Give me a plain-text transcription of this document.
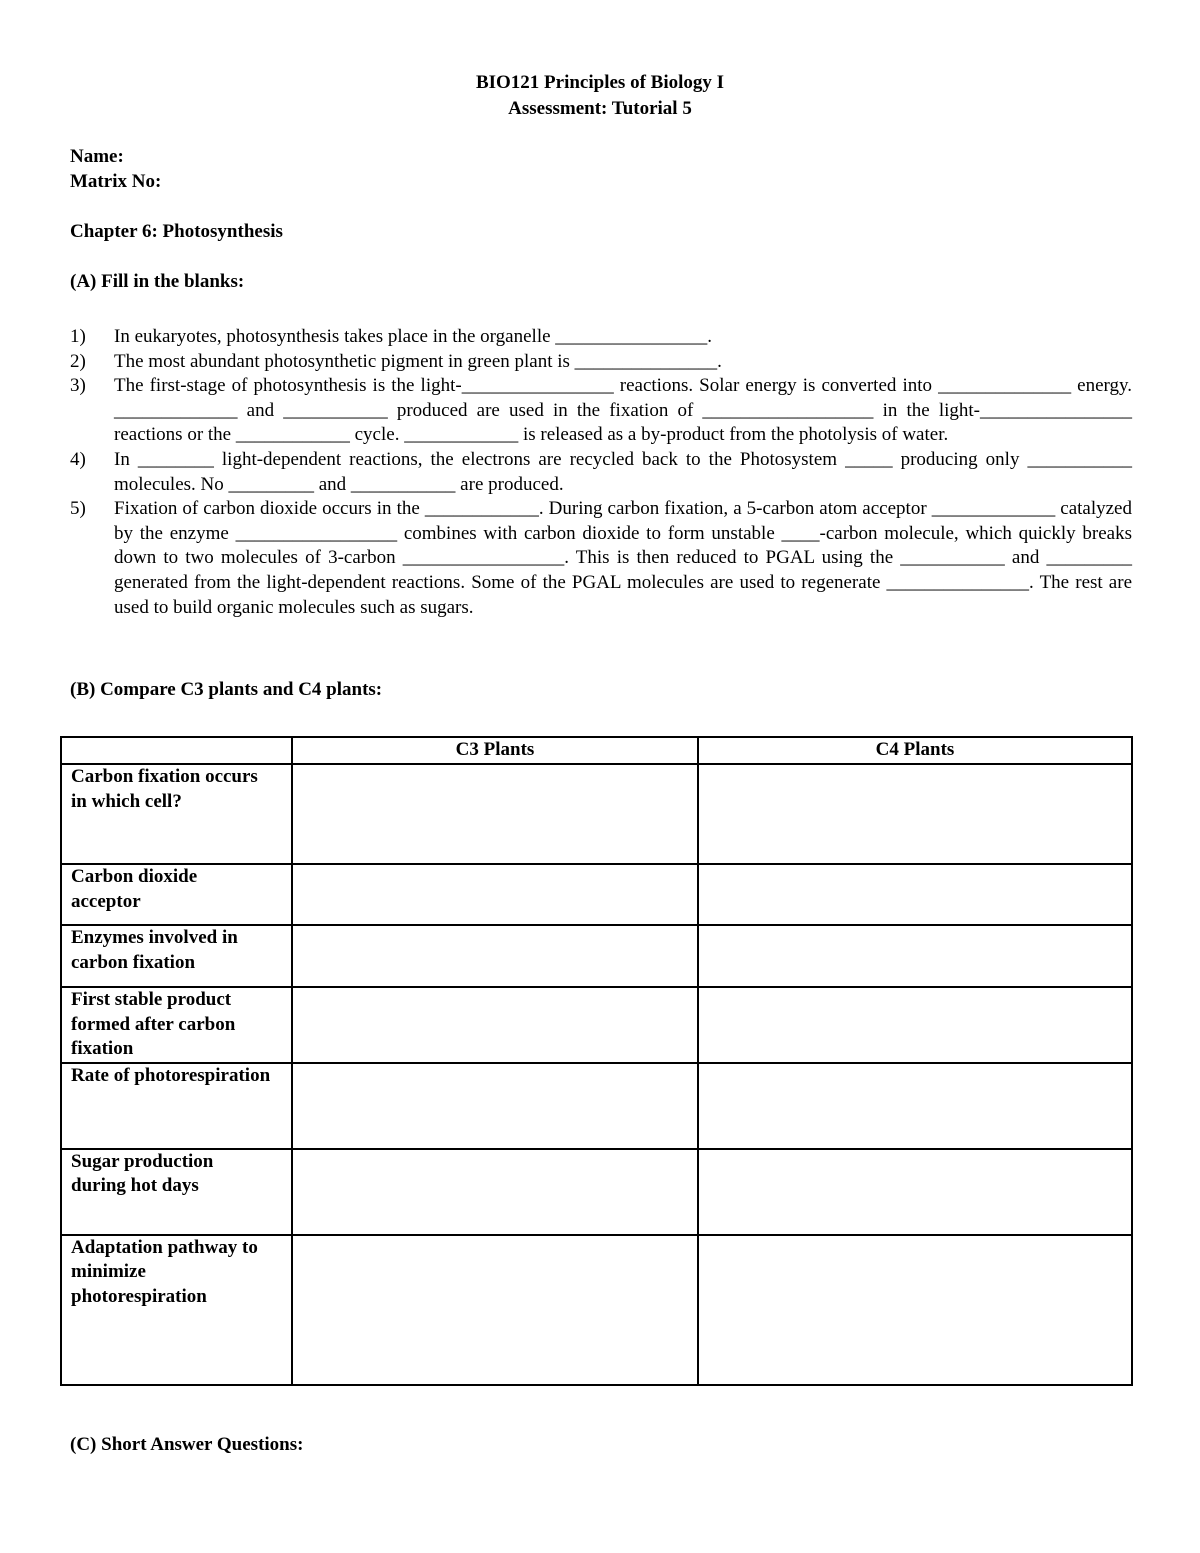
BIO121 Principles of Biology I
Assessment: Tutorial 5
Name:
Matrix No:
Chapter 6: Photosynthesis
(A) Fill in the blanks:
1)	In eukaryotes, photosynthesis takes place in the organelle ________________.
2)	The most abundant photosynthetic pigment in green plant is _______________.
3)	The first-stage of photosynthesis is the light-________________ reactions. Solar energy is converted into ______________ energy. _____________ and ___________ produced are used in the fixation of __________________ in the light-________________ reactions or the ____________ cycle. ____________ is released as a by-product from the photolysis of water.
4)	In ________ light-dependent reactions, the electrons are recycled back to the Photosystem _____ producing only ___________ molecules. No _________ and ___________ are produced.
5)	Fixation of carbon dioxide occurs in the ____________. During carbon fixation, a 5-carbon atom acceptor _____________ catalyzed by the enzyme _________________ combines with carbon dioxide to form unstable ____-carbon molecule, which quickly breaks down to two molecules of 3-carbon _________________. This is then reduced to PGAL using the ___________ and _________ generated from the light-dependent reactions. Some of the PGAL molecules are used to regenerate _______________. The rest are used to build organic molecules such as sugars.
(B) Compare C3 plants and C4 plants:
	C3 Plants	C4 Plants
Carbon fixation occurs in which cell?		
Carbon dioxide acceptor		
Enzymes involved in carbon fixation		
First stable product formed after carbon fixation		
Rate of photorespiration		
Sugar production during hot days		
Adaptation pathway to minimize photorespiration		
(C) Short Answer Questions:
